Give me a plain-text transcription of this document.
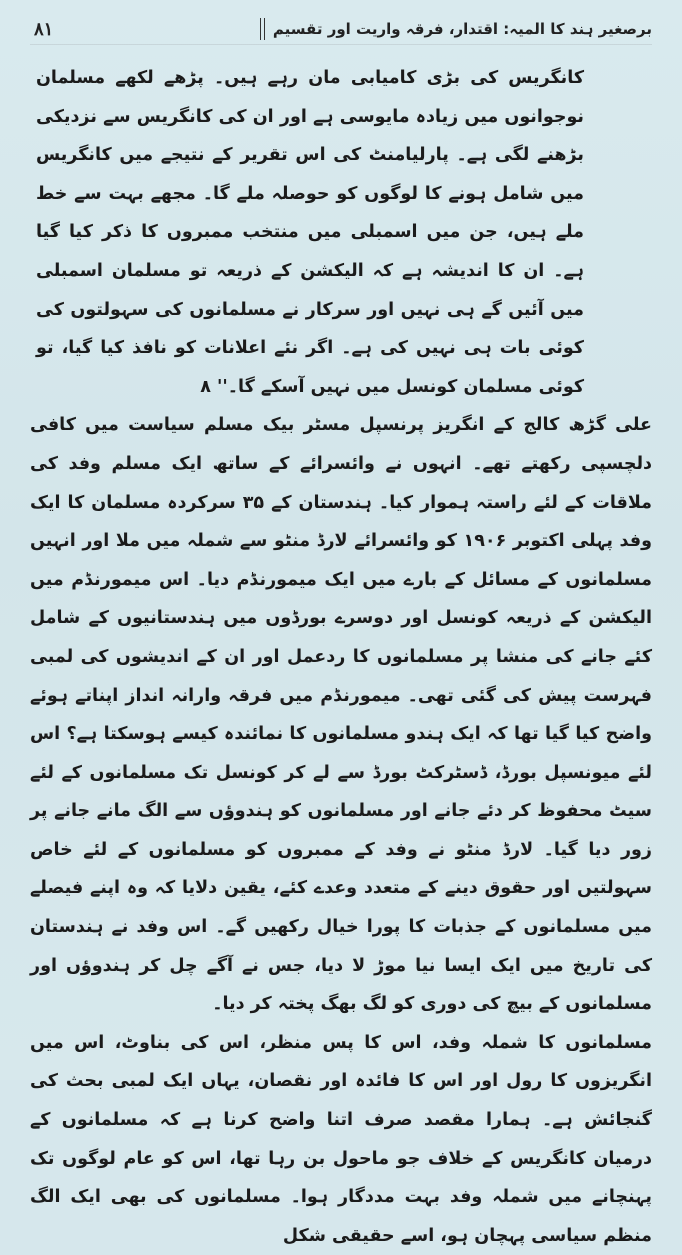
۸۱	برصغیر ہند کا المیہ: اقتدار، فرقہ واریت اور تقسیم

کانگریس کی بڑی کامیابی مان رہے ہیں۔ پڑھے لکھے مسلمان نوجوانوں میں زیادہ مایوسی ہے اور ان کی کانگریس سے نزدیکی بڑھنے لگی ہے۔ پارلیامنٹ کی اس تقریر کے نتیجے میں کانگریس میں شامل ہونے کا لوگوں کو حوصلہ ملے گا۔ مجھے بہت سے خط ملے ہیں، جن میں اسمبلی میں منتخب ممبروں کا ذکر کیا گیا ہے۔ ان کا اندیشہ ہے کہ الیکشن کے ذریعہ تو مسلمان اسمبلی میں آئیں گے ہی نہیں اور سرکار نے مسلمانوں کی سہولتوں کی کوئی بات ہی نہیں کی ہے۔ اگر نئے اعلانات کو نافذ کیا گیا، تو کوئی مسلمان کونسل میں نہیں آسکے گا۔'' ۸

علی گڑھ کالج کے انگریز پرنسپل مسٹر بیک مسلم سیاست میں کافی دلچسپی رکھتے تھے۔ انہوں نے وائسرائے کے ساتھ ایک مسلم وفد کی ملاقات کے لئے راستہ ہموار کیا۔ ہندستان کے ۳۵ سرکردہ مسلمان کا ایک وفد پہلی اکتوبر ۱۹۰۶ کو وائسرائے لارڈ منٹو سے شملہ میں ملا اور انہیں مسلمانوں کے مسائل کے بارے میں ایک میمورنڈم دیا۔ اس میمورنڈم میں الیکشن کے ذریعہ کونسل اور دوسرے بورڈوں میں ہندستانیوں کے شامل کئے جانے کی منشا پر مسلمانوں کا ردعمل اور ان کے اندیشوں کی لمبی فہرست پیش کی گئی تھی۔ میمورنڈم میں فرقہ وارانہ انداز اپناتے ہوئے واضح کیا گیا تھا کہ ایک ہندو مسلمانوں کا نمائندہ کیسے ہوسکتا ہے؟ اس لئے میونسپل بورڈ، ڈسٹرکٹ بورڈ سے لے کر کونسل تک مسلمانوں کے لئے سیٹ محفوظ کر دئے جانے اور مسلمانوں کو ہندوؤں سے الگ مانے جانے پر زور دیا گیا۔ لارڈ منٹو نے وفد کے ممبروں کو مسلمانوں کے لئے خاص سہولتیں اور حقوق دینے کے متعدد وعدے کئے، یقین دلایا کہ وہ اپنے فیصلے میں مسلمانوں کے جذبات کا پورا خیال رکھیں گے۔ اس وفد نے ہندستان کی تاریخ میں ایک ایسا نیا موڑ لا دیا، جس نے آگے چل کر ہندوؤں اور مسلمانوں کے بیچ کی دوری کو لگ بھگ پختہ کر دیا۔

مسلمانوں کا شملہ وفد، اس کا پس منظر، اس کی بناوٹ، اس میں انگریزوں کا رول اور اس کا فائدہ اور نقصان، یہاں ایک لمبی بحث کی گنجائش ہے۔ ہمارا مقصد صرف اتنا واضح کرنا ہے کہ مسلمانوں کے درمیان کانگریس کے خلاف جو ماحول بن رہا تھا، اس کو عام لوگوں تک پہنچانے میں شملہ وفد بہت مددگار ہوا۔ مسلمانوں کی بھی ایک الگ منظم سیاسی پہچان ہو، اسے حقیقی شکل
